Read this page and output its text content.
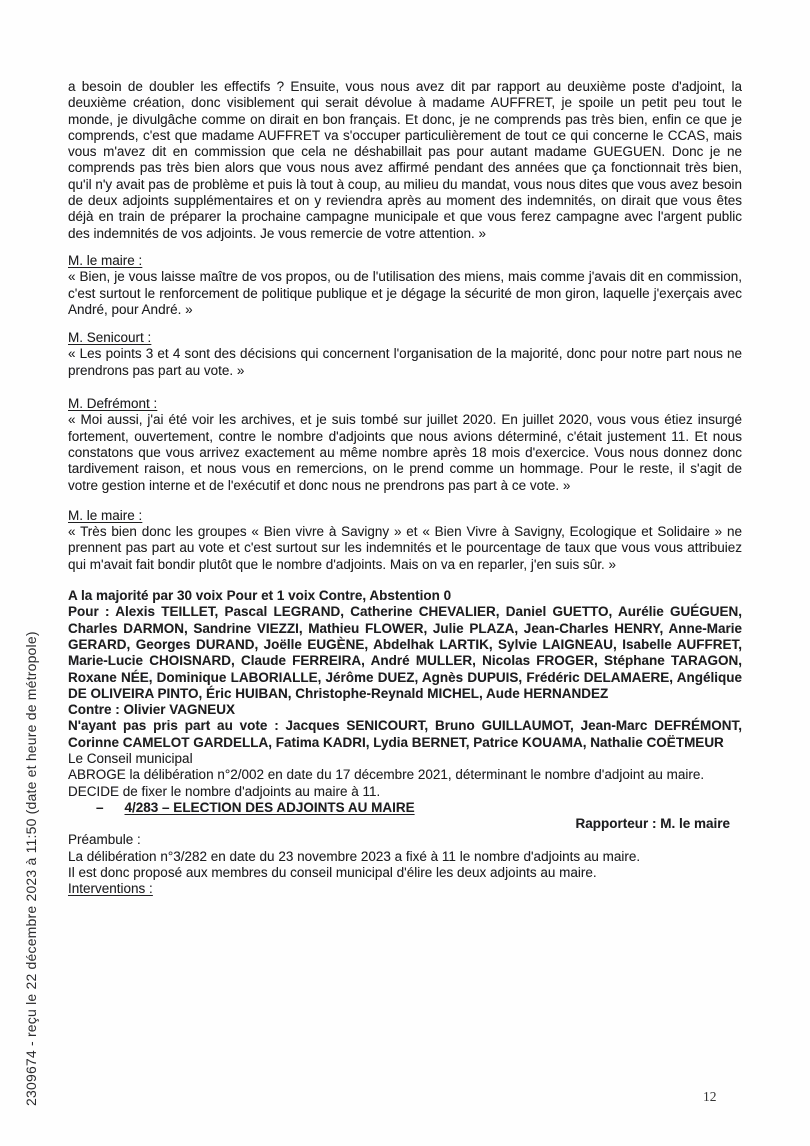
2309674 - reçu le 22 décembre 2023 à 11:50 (date et heure de métropole)

a besoin de doubler les effectifs ? Ensuite, vous nous avez dit par rapport au deuxième poste d'adjoint, la deuxième création, donc visiblement qui serait dévolue à madame AUFFRET, je spoile un petit peu tout le monde, je divulgâche comme on dirait en bon français. Et donc, je ne comprends pas très bien, enfin ce que je comprends, c'est que madame AUFFRET va s'occuper particulièrement de tout ce qui concerne le CCAS, mais vous m'avez dit en commission que cela ne déshabillait pas pour autant madame GUEGUEN. Donc je ne comprends pas très bien alors que vous nous avez affirmé pendant des années que ça fonctionnait très bien, qu'il n'y avait pas de problème et puis là tout à coup, au milieu du mandat, vous nous dites que vous avez besoin de deux adjoints supplémentaires et on y reviendra après au moment des indemnités, on dirait que vous êtes déjà en train de préparer la prochaine campagne municipale et que vous ferez campagne avec l'argent public des indemnités de vos adjoints. Je vous remercie de votre attention. »

M. le maire :

« Bien, je vous laisse maître de vos propos, ou de l'utilisation des miens, mais comme j'avais dit en commission, c'est surtout le renforcement de politique publique et je dégage la sécurité de mon giron, laquelle j'exerçais avec André, pour André. »

M. Senicourt :

« Les points 3 et 4 sont des décisions qui concernent l'organisation de la majorité, donc pour notre part nous ne prendrons pas part au vote. »

M. Defrémont :

« Moi aussi, j'ai été voir les archives, et je suis tombé sur juillet 2020. En juillet 2020, vous vous étiez insurgé fortement, ouvertement, contre le nombre d'adjoints que nous avions déterminé, c'était justement 11. Et nous constatons que vous arrivez exactement au même nombre après 18 mois d'exercice. Vous nous donnez donc tardivement raison, et nous vous en remercions, on le prend comme un hommage. Pour le reste, il s'agit de votre gestion interne et de l'exécutif et donc nous ne prendrons pas part à ce vote. »

M. le maire :

« Très bien donc les groupes « Bien vivre à Savigny » et « Bien Vivre à Savigny, Ecologique et Solidaire » ne prennent pas part au vote et c'est surtout sur les indemnités et le pourcentage de taux que vous vous attribuiez qui m'avait fait bondir plutôt que le nombre d'adjoints. Mais on va en reparler, j'en suis sûr. »

A la majorité par 30 voix Pour et 1 voix Contre, Abstention 0

Pour : Alexis TEILLET, Pascal LEGRAND, Catherine CHEVALIER, Daniel GUETTO, Aurélie GUÉGUEN, Charles DARMON, Sandrine VIEZZI, Mathieu FLOWER, Julie PLAZA, Jean-Charles HENRY, Anne-Marie GERARD, Georges DURAND, Joëlle EUGÈNE, Abdelhak LARTIK, Sylvie LAIGNEAU, Isabelle AUFFRET, Marie-Lucie CHOISNARD, Claude FERREIRA, André MULLER, Nicolas FROGER, Stéphane TARAGON, Roxane NÉE, Dominique LABORIALLE, Jérôme DUEZ, Agnès DUPUIS, Frédéric DELAMAERE, Angélique DE OLIVEIRA PINTO, Éric HUIBAN, Christophe-Reynald MICHEL, Aude HERNANDEZ

Contre : Olivier VAGNEUX

N'ayant pas pris part au vote : Jacques SENICOURT, Bruno GUILLAUMOT, Jean-Marc DEFRÉMONT, Corinne CAMELOT GARDELLA, Fatima KADRI, Lydia BERNET, Patrice KOUAMA, Nathalie COËTMEUR

Le Conseil municipal

ABROGE la délibération n°2/002 en date du 17 décembre 2021, déterminant le nombre d'adjoint au maire.

DECIDE de fixer le nombre d'adjoints au maire à 11.

– 4/283 – ELECTION DES ADJOINTS AU MAIRE

Rapporteur : M. le maire

Préambule :

La délibération n°3/282 en date du 23 novembre 2023 a fixé à 11 le nombre d'adjoints au maire.

Il est donc proposé aux membres du conseil municipal d'élire les deux adjoints au maire.

Interventions :

12
